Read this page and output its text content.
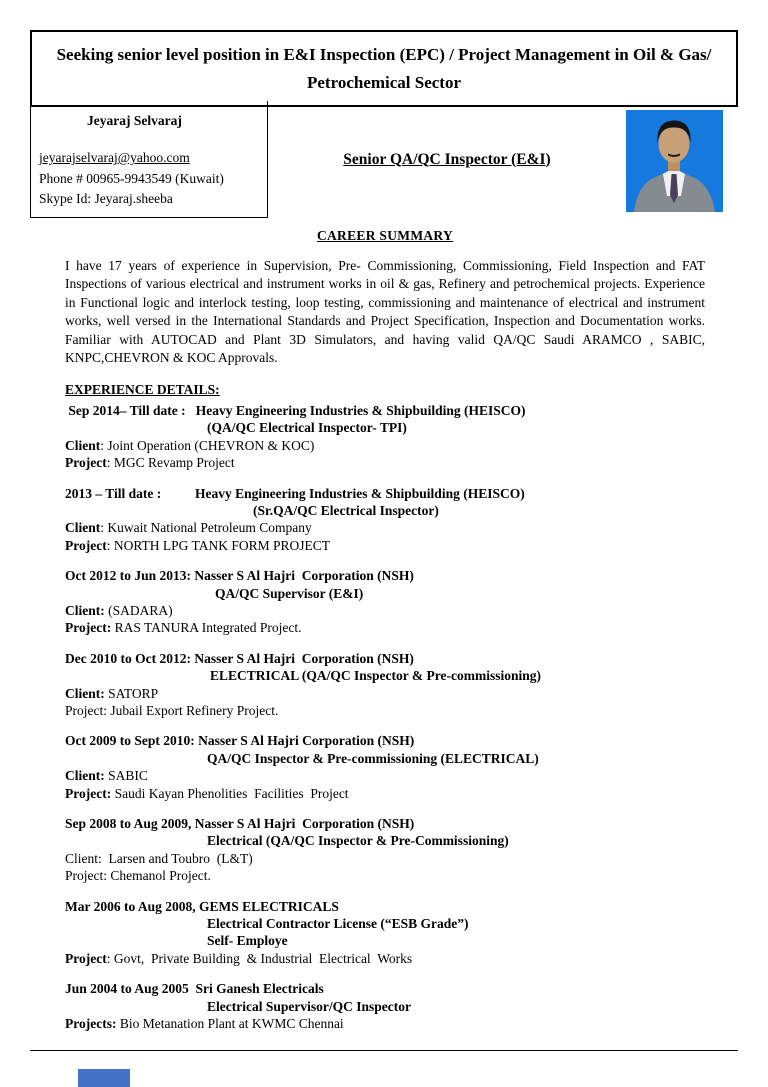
Seeking senior level position in E&I Inspection (EPC) / Project Management in Oil & Gas/ Petrochemical Sector
Jeyaraj Selvaraj
jeyarajselvaraj@yahoo.com
Phone # 00965-9943549 (Kuwait)
Skype Id: Jeyaraj.sheeba
Senior QA/QC Inspector (E&I)
CAREER SUMMARY
I have 17 years of experience in Supervision, Pre- Commissioning, Commissioning, Field Inspection and FAT Inspections of various electrical and instrument works in oil & gas, Refinery and petrochemical projects. Experience in Functional logic and interlock testing, loop testing, commissioning and maintenance of electrical and instrument works, well versed in the International Standards and Project Specification, Inspection and Documentation works. Familiar with AUTOCAD and Plant 3D Simulators, and having valid QA/QC Saudi ARAMCO , SABIC, KNPC,CHEVRON & KOC Approvals.
EXPERIENCE DETAILS:
Sep 2014– Till date :   Heavy Engineering Industries & Shipbuilding (HEISCO)
(QA/QC Electrical Inspector- TPI)
Client: Joint Operation (CHEVRON & KOC)
Project: MGC Revamp Project
2013 – Till date :          Heavy Engineering Industries & Shipbuilding (HEISCO)
(Sr.QA/QC Electrical Inspector)
Client: Kuwait National Petroleum Company
Project: NORTH LPG TANK FORM PROJECT
Oct 2012 to Jun 2013: Nasser S Al Hajri  Corporation (NSH)
QA/QC Supervisor (E&I)
Client: (SADARA)
Project: RAS TANURA Integrated Project.
Dec 2010 to Oct 2012: Nasser S Al Hajri  Corporation (NSH)
ELECTRICAL (QA/QC Inspector & Pre-commissioning)
Client: SATORP
Project: Jubail Export Refinery Project.
Oct 2009 to Sept 2010: Nasser S Al Hajri Corporation (NSH)
QA/QC Inspector & Pre-commissioning (ELECTRICAL)
Client: SABIC
Project: Saudi Kayan Phenolities  Facilities  Project
Sep 2008 to Aug 2009, Nasser S Al Hajri  Corporation (NSH)
Electrical (QA/QC Inspector & Pre-Commissioning)
Client:  Larsen and Toubro  (L&T)
Project: Chemanol Project.
Mar 2006 to Aug 2008, GEMS ELECTRICALS
Electrical Contractor License (“ESB Grade”)
Self- Employe
Project: Govt,  Private Building  & Industrial  Electrical  Works
Jun 2004 to Aug 2005  Sri Ganesh Electricals
Electrical Supervisor/QC Inspector
Projects: Bio Metanation Plant at KWMC Chennai
